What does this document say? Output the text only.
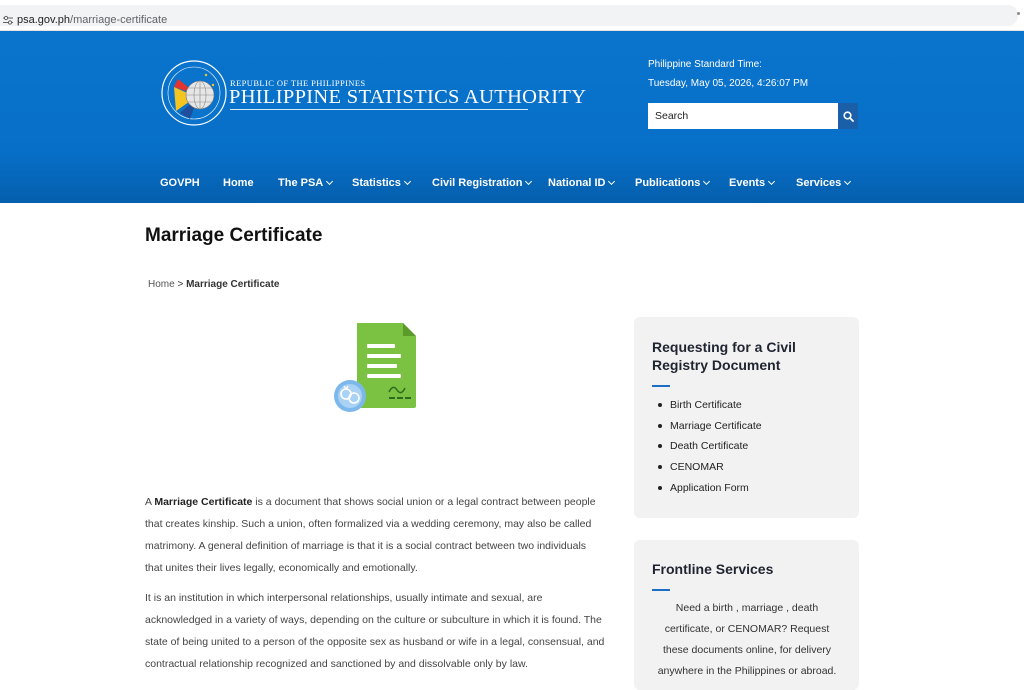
psa.gov.ph/marriage-certificate
REPUBLIC OF THE PHILIPPINES
PHILIPPINE STATISTICS AUTHORITY
Philippine Standard Time:
Tuesday, May 05, 2026, 4:26:07 PM
Search
GOVPH Home The PSA	Statistics	Civil Registration National ID	Publications	Events	Services
Marriage Certificate
Home > Marriage Certificate

A Marriage Certificate is a document that shows social union or a legal contract between people that creates kinship. Such a union, often formalized via a wedding ceremony, may also be called matrimony. A general definition of marriage is that it is a social contract between two individuals that unites their lives legally, economically and emotionally.

It is an institution in which interpersonal relationships, usually intimate and sexual, are acknowledged in a variety of ways, depending on the culture or subculture in which it is found. The state of being united to a person of the opposite sex as husband or wife in a legal, consensual, and contractual relationship recognized and sanctioned by and dissolvable only by law.

Requesting for a Civil Registry Document
Birth Certificate
Marriage Certificate
Death Certificate
CENOMAR
Application Form
Frontline Services
Need a birth , marriage , death certificate, or CENOMAR? Request these documents online, for delivery anywhere in the Philippines or abroad.
